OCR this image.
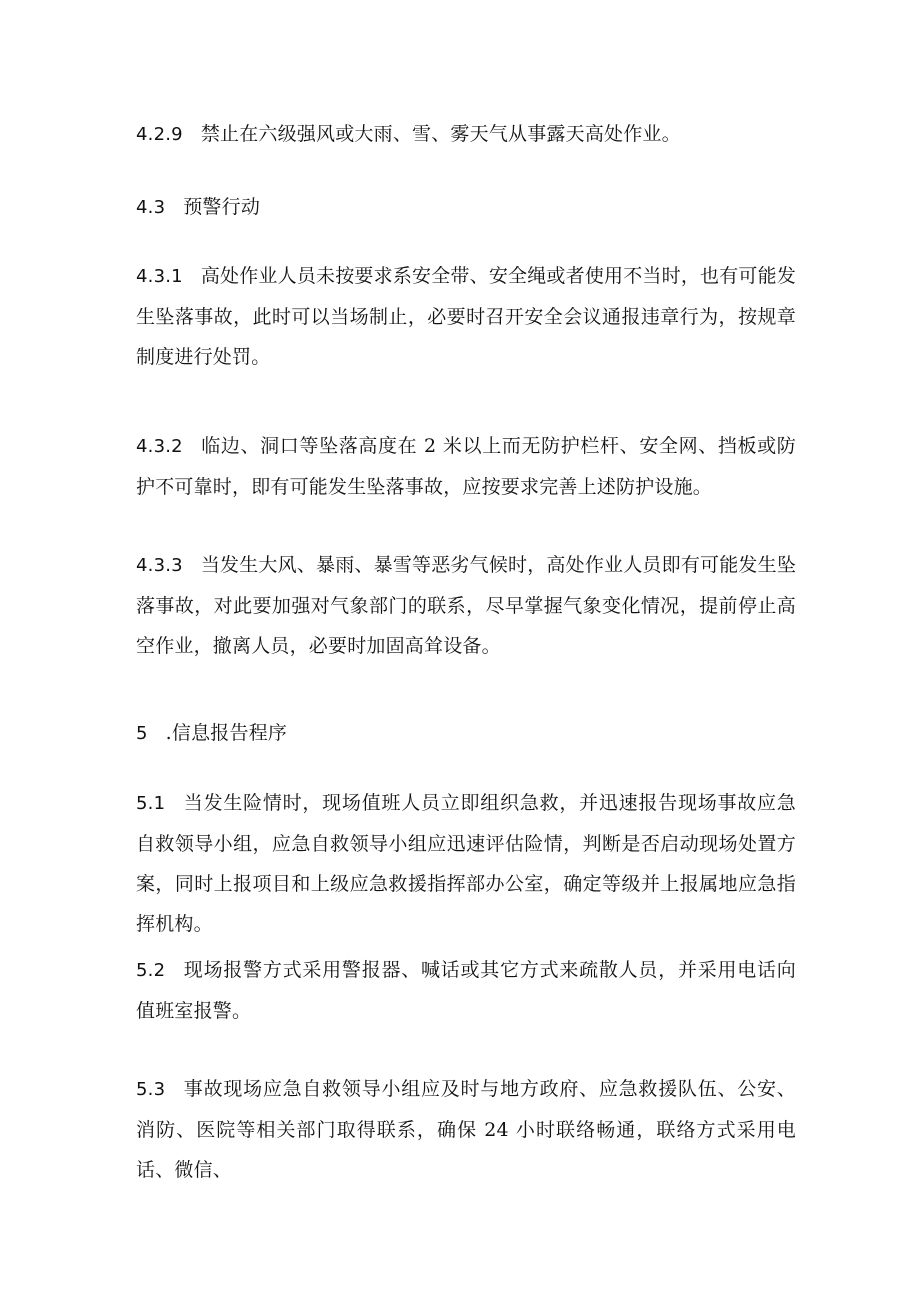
4.2.9 禁止在六级强风或大雨、雪、雾天气从事露天高处作业。

4.3 预警行动

4.3.1 高处作业人员未按要求系安全带、安全绳或者使用不当时，也有可能发生坠落事故，此时可以当场制止，必要时召开安全会议通报违章行为，按规章制度进行处罚。

4.3.2 临边、洞口等坠落高度在 2 米以上而无防护栏杆、安全网、挡板或防护不可靠时，即有可能发生坠落事故，应按要求完善上述防护设施。

4.3.3 当发生大风、暴雨、暴雪等恶劣气候时，高处作业人员即有可能发生坠落事故，对此要加强对气象部门的联系，尽早掌握气象变化情况，提前停止高空作业，撤离人员，必要时加固高耸设备。

5 .信息报告程序

5.1 当发生险情时，现场值班人员立即组织急救，并迅速报告现场事故应急自救领导小组，应急自救领导小组应迅速评估险情，判断是否启动现场处置方案，同时上报项目和上级应急救援指挥部办公室，确定等级并上报属地应急指挥机构。

5.2 现场报警方式采用警报器、喊话或其它方式来疏散人员，并采用电话向值班室报警。

5.3 事故现场应急自救领导小组应及时与地方政府、应急救援队伍、公安、消防、医院等相关部门取得联系，确保 24 小时联络畅通，联络方式采用电话、微信、
